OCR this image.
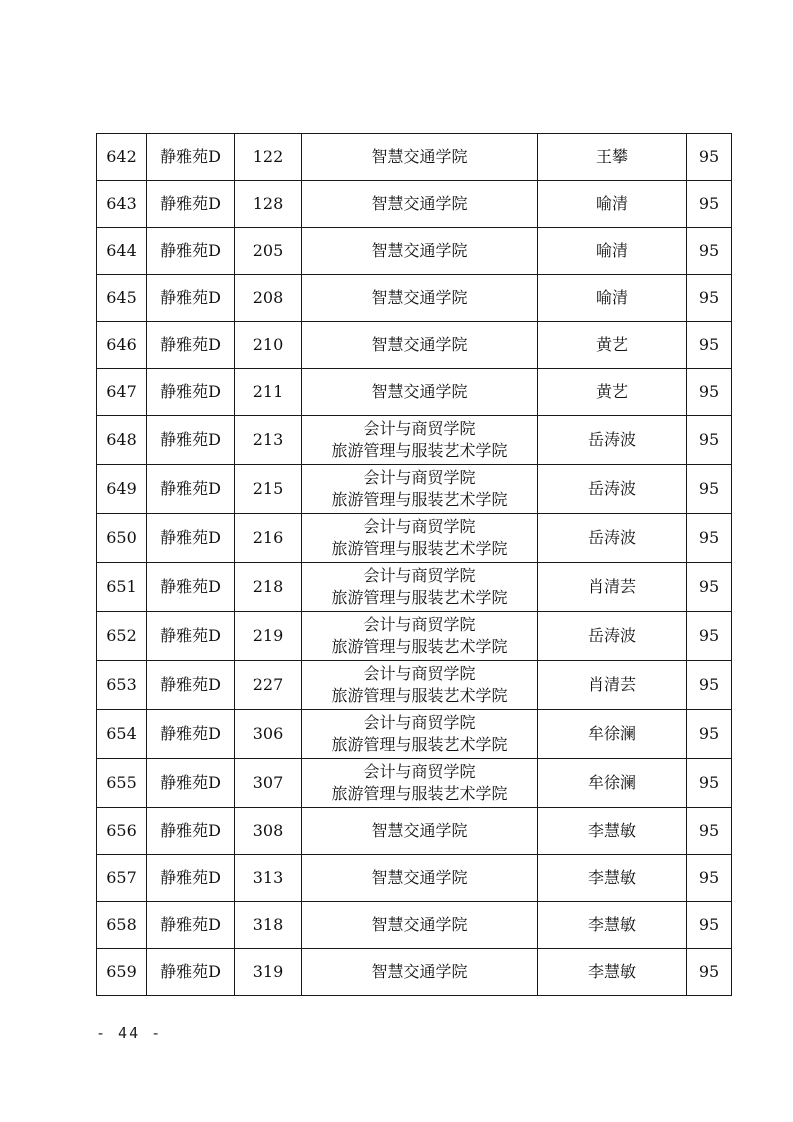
642	静雅苑D	122	智慧交通学院	王攀	95
643	静雅苑D	128	智慧交通学院	喻清	95
644	静雅苑D	205	智慧交通学院	喻清	95
645	静雅苑D	208	智慧交通学院	喻清	95
646	静雅苑D	210	智慧交通学院	黄艺	95
647	静雅苑D	211	智慧交通学院	黄艺	95
648	静雅苑D	213	会计与商贸学院
旅游管理与服装艺术学院	岳涛波	95
649	静雅苑D	215	会计与商贸学院
旅游管理与服装艺术学院	岳涛波	95
650	静雅苑D	216	会计与商贸学院
旅游管理与服装艺术学院	岳涛波	95
651	静雅苑D	218	会计与商贸学院
旅游管理与服装艺术学院	肖清芸	95
652	静雅苑D	219	会计与商贸学院
旅游管理与服装艺术学院	岳涛波	95
653	静雅苑D	227	会计与商贸学院
旅游管理与服装艺术学院	肖清芸	95
654	静雅苑D	306	会计与商贸学院
旅游管理与服装艺术学院	牟徐澜	95
655	静雅苑D	307	会计与商贸学院
旅游管理与服装艺术学院	牟徐澜	95
656	静雅苑D	308	智慧交通学院	李慧敏	95
657	静雅苑D	313	智慧交通学院	李慧敏	95
658	静雅苑D	318	智慧交通学院	李慧敏	95
659	静雅苑D	319	智慧交通学院	李慧敏	95
- 44 -
